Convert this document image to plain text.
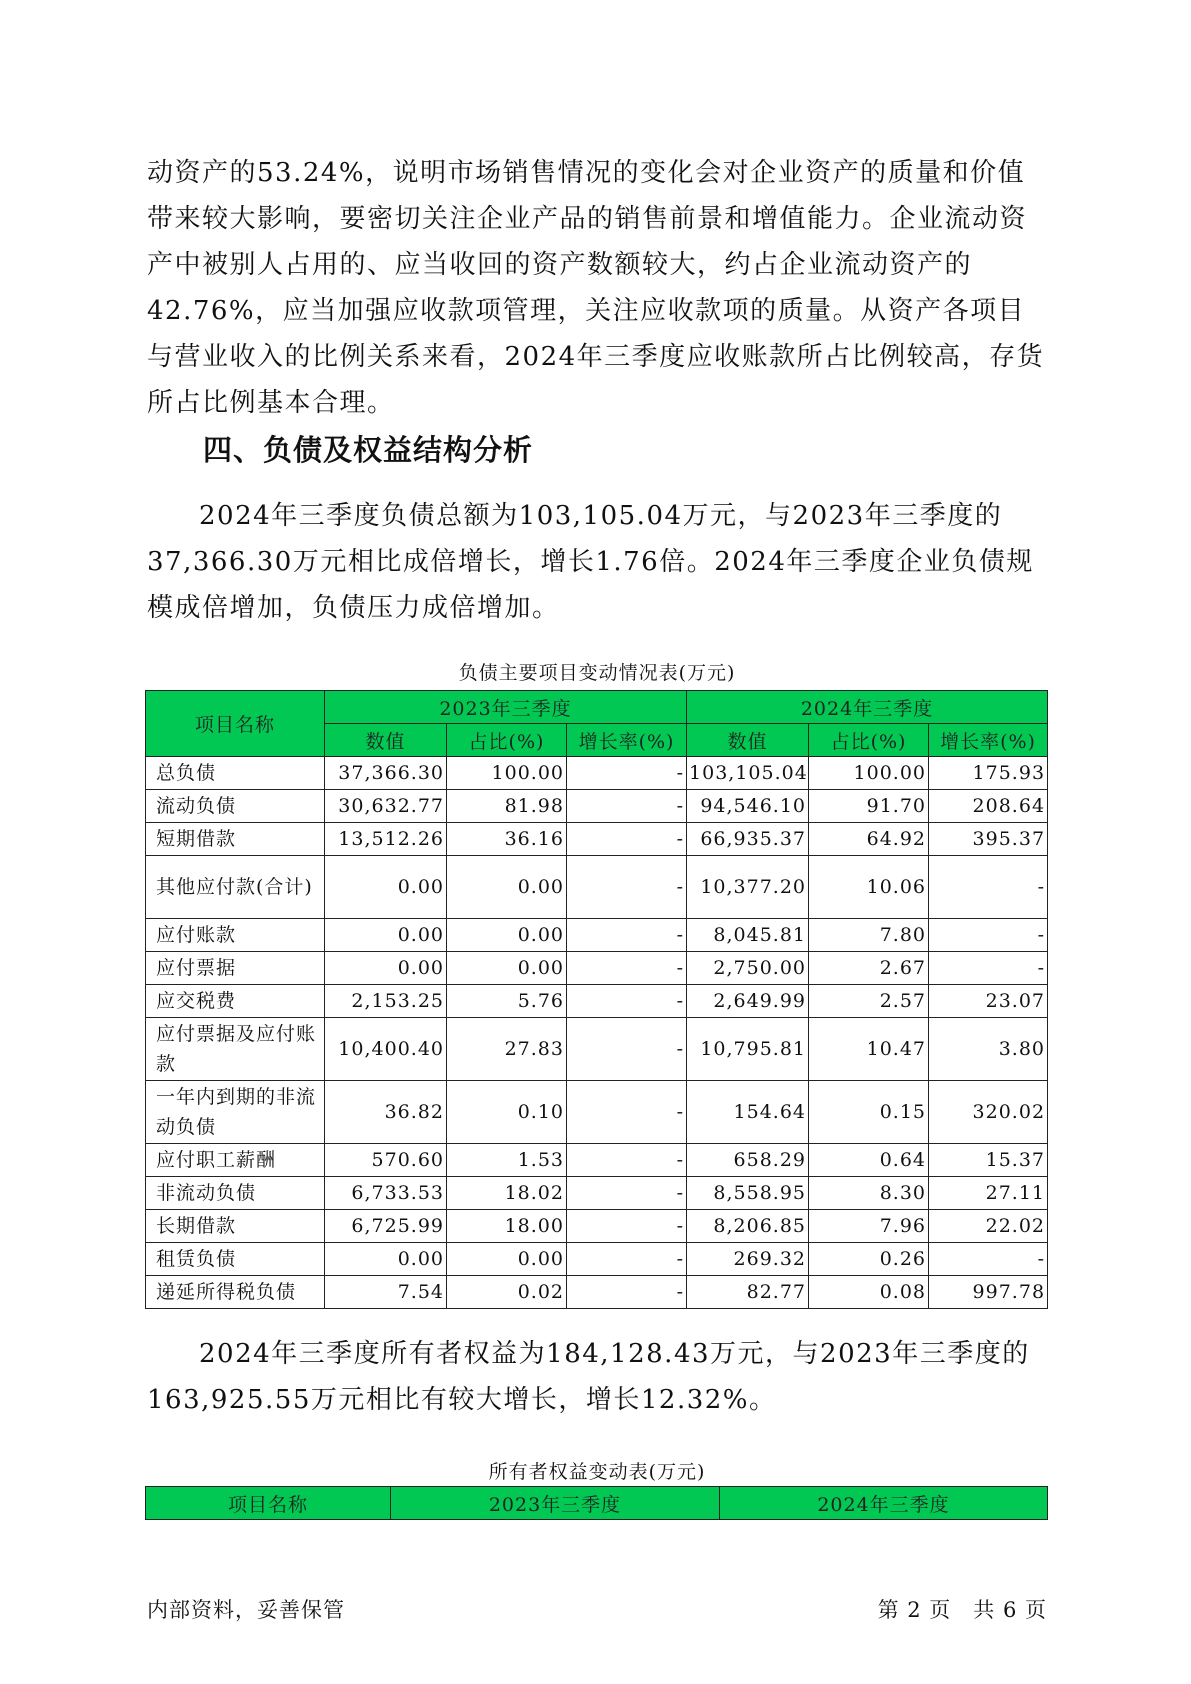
动资产的53.24%，说明市场销售情况的变化会对企业资产的质量和价值带来较大影响，要密切关注企业产品的销售前景和增值能力。企业流动资产中被别人占用的、应当收回的资产数额较大，约占企业流动资产的42.76%，应当加强应收款项管理，关注应收款项的质量。从资产各项目与营业收入的比例关系来看，2024年三季度应收账款所占比例较高，存货所占比例基本合理。

四、负债及权益结构分析

2024年三季度负债总额为103,105.04万元，与2023年三季度的37,366.30万元相比成倍增长，增长1.76倍。2024年三季度企业负债规模成倍增加，负债压力成倍增加。

负债主要项目变动情况表(万元)

项目名称	2023年三季度			2024年三季度		
	数值	占比(%)	增长率(%)	数值	占比(%)	增长率(%)
总负债	37,366.30	100.00	-	103,105.04	100.00	175.93
流动负债	30,632.77	81.98	-	94,546.10	91.70	208.64
短期借款	13,512.26	36.16	-	66,935.37	64.92	395.37
其他应付款(合计)	0.00	0.00	-	10,377.20	10.06	-
应付账款	0.00	0.00	-	8,045.81	7.80	-
应付票据	0.00	0.00	-	2,750.00	2.67	-
应交税费	2,153.25	5.76	-	2,649.99	2.57	23.07
应付票据及应付账款	10,400.40	27.83	-	10,795.81	10.47	3.80
一年内到期的非流动负债	36.82	0.10	-	154.64	0.15	320.02
应付职工薪酬	570.60	1.53	-	658.29	0.64	15.37
非流动负债	6,733.53	18.02	-	8,558.95	8.30	27.11
长期借款	6,725.99	18.00	-	8,206.85	7.96	22.02
租赁负债	0.00	0.00	-	269.32	0.26	-
递延所得税负债	7.54	0.02	-	82.77	0.08	997.78

2024年三季度所有者权益为184,128.43万元，与2023年三季度的163,925.55万元相比有较大增长，增长12.32%。

所有者权益变动表(万元)

项目名称	2023年三季度	2024年三季度

内部资料，妥善保管	第 2 页　共 6 页
